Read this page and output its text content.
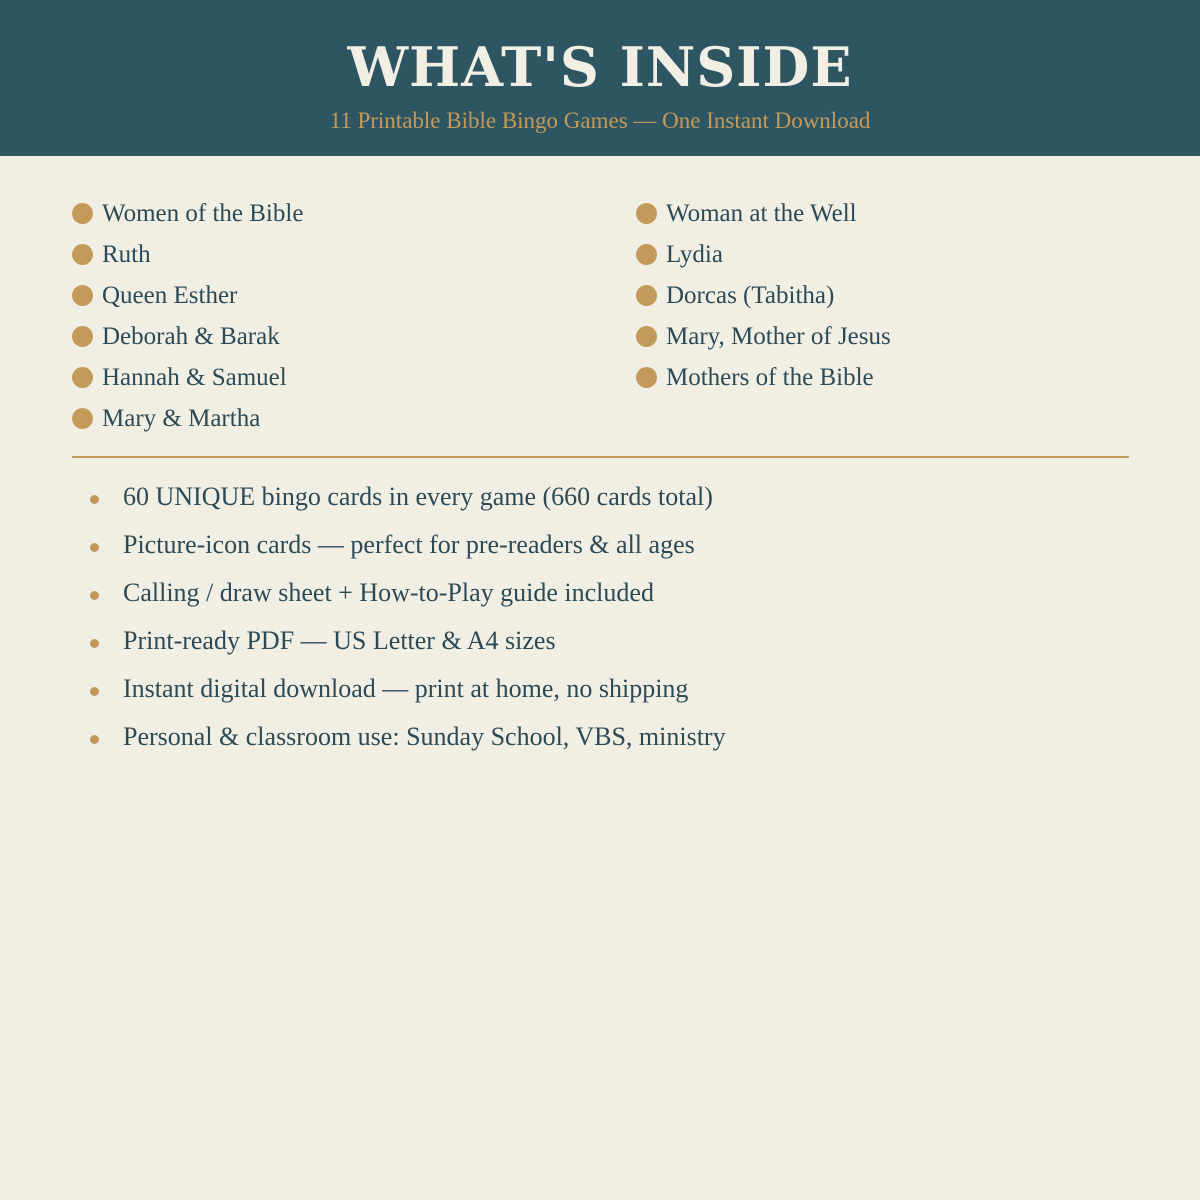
WHAT'S INSIDE

11 Printable Bible Bingo Games — One Instant Download

Women of the Bible
Ruth
Queen Esther
Deborah & Barak
Hannah & Samuel
Mary & Martha
Woman at the Well
Lydia
Dorcas (Tabitha)
Mary, Mother of Jesus
Mothers of the Bible
60 UNIQUE bingo cards in every game (660 cards total)
Picture-icon cards — perfect for pre-readers & all ages
Calling / draw sheet + How-to-Play guide included
Print-ready PDF — US Letter & A4 sizes
Instant digital download — print at home, no shipping
Personal & classroom use: Sunday School, VBS, ministry
